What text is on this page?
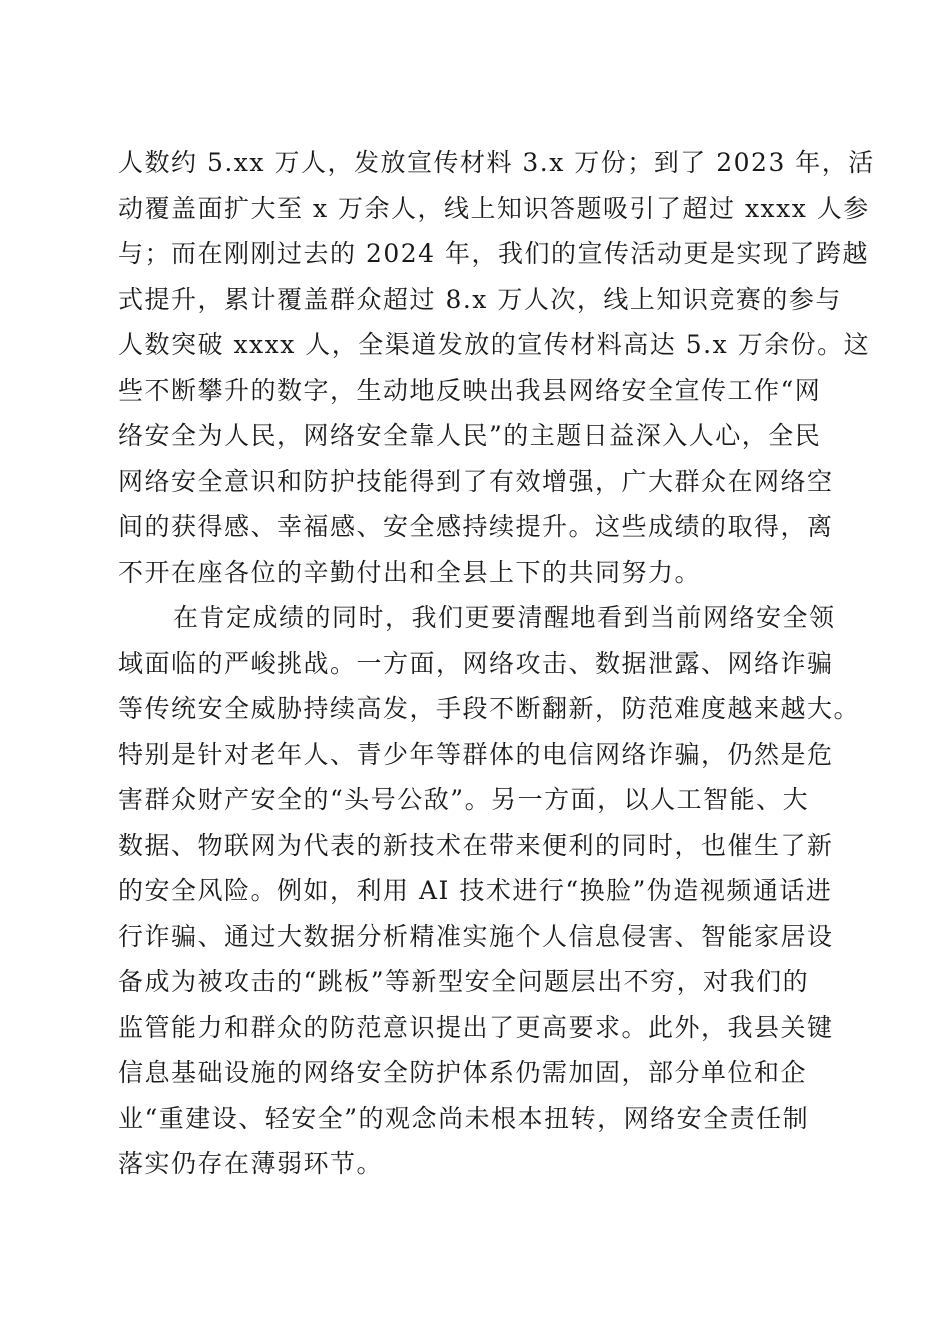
人数约 5.xx 万人，发放宣传材料 3.x 万份；到了 2023 年，活
动覆盖面扩大至 x 万余人，线上知识答题吸引了超过 xxxx 人参
与；而在刚刚过去的 2024 年，我们的宣传活动更是实现了跨越
式提升，累计覆盖群众超过 8.x 万人次，线上知识竞赛的参与
人数突破 xxxx 人，全渠道发放的宣传材料高达 5.x 万余份。这
些不断攀升的数字，生动地反映出我县网络安全宣传工作“网
络安全为人民，网络安全靠人民”的主题日益深入人心，全民
网络安全意识和防护技能得到了有效增强，广大群众在网络空
间的获得感、幸福感、安全感持续提升。这些成绩的取得，离
不开在座各位的辛勤付出和全县上下的共同努力。
在肯定成绩的同时，我们更要清醒地看到当前网络安全领
域面临的严峻挑战。一方面，网络攻击、数据泄露、网络诈骗
等传统安全威胁持续高发，手段不断翻新，防范难度越来越大。
特别是针对老年人、青少年等群体的电信网络诈骗，仍然是危
害群众财产安全的“头号公敌”。另一方面，以人工智能、大
数据、物联网为代表的新技术在带来便利的同时，也催生了新
的安全风险。例如，利用 AI 技术进行“换脸”伪造视频通话进
行诈骗、通过大数据分析精准实施个人信息侵害、智能家居设
备成为被攻击的“跳板”等新型安全问题层出不穷，对我们的
监管能力和群众的防范意识提出了更高要求。此外，我县关键
信息基础设施的网络安全防护体系仍需加固，部分单位和企
业“重建设、轻安全”的观念尚未根本扭转，网络安全责任制
落实仍存在薄弱环节。
